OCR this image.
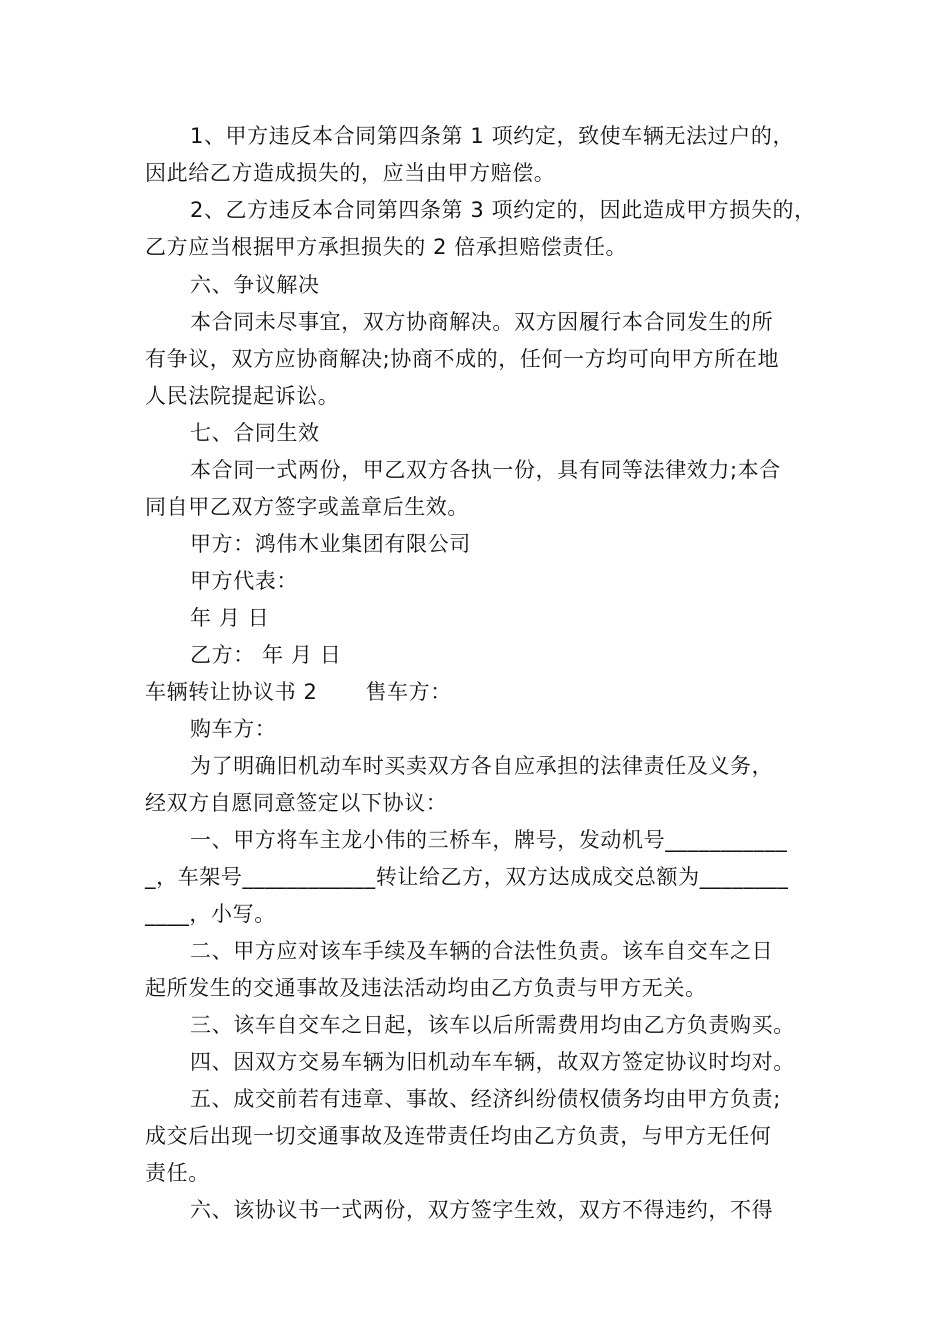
1、甲方违反本合同第四条第 1 项约定，致使车辆无法过户的，
因此给乙方造成损失的，应当由甲方赔偿。
2、乙方违反本合同第四条第 3 项约定的，因此造成甲方损失的，
乙方应当根据甲方承担损失的 2 倍承担赔偿责任。
六、争议解决
本合同未尽事宜，双方协商解决。双方因履行本合同发生的所
有争议，双方应协商解决;协商不成的，任何一方均可向甲方所在地
人民法院提起诉讼。
七、合同生效
本合同一式两份，甲乙双方各执一份，具有同等法律效力;本合
同自甲乙双方签字或盖章后生效。
甲方：鸿伟木业集团有限公司
甲方代表：
年 月 日
乙方： 年 月 日
车辆转让协议书 2 售车方：
购车方：
为了明确旧机动车时买卖双方各自应承担的法律责任及义务，
经双方自愿同意签定以下协议：
一、甲方将车主龙小伟的三桥车，牌号，发动机号___________
_，车架号____________转让给乙方，双方达成成交总额为________
____，小写。
二、甲方应对该车手续及车辆的合法性负责。该车自交车之日
起所发生的交通事故及违法活动均由乙方负责与甲方无关。
三、该车自交车之日起，该车以后所需费用均由乙方负责购买。
四、因双方交易车辆为旧机动车车辆，故双方签定协议时均对。
五、成交前若有违章、事故、经济纠纷债权债务均由甲方负责;
成交后出现一切交通事故及连带责任均由乙方负责，与甲方无任何
责任。
六、该协议书一式两份，双方签字生效，双方不得违约，不得
